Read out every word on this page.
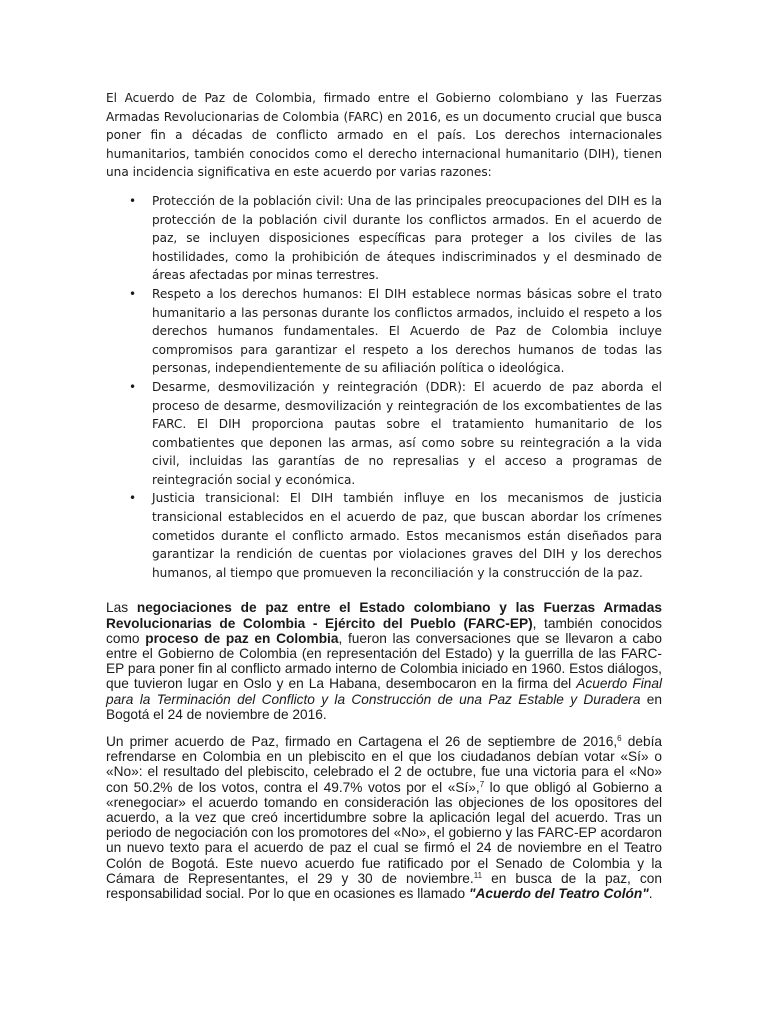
El Acuerdo de Paz de Colombia, firmado entre el Gobierno colombiano y las Fuerzas Armadas Revolucionarias de Colombia (FARC) en 2016, es un documento crucial que busca poner fin a décadas de conflicto armado en el país. Los derechos internacionales humanitarios, también conocidos como el derecho internacional humanitario (DIH), tienen una incidencia significativa en este acuerdo por varias razones:

• Protección de la población civil: Una de las principales preocupaciones del DIH es la protección de la población civil durante los conflictos armados. En el acuerdo de paz, se incluyen disposiciones específicas para proteger a los civiles de las hostilidades, como la prohibición de áteques indiscriminados y el desminado de áreas afectadas por minas terrestres.
• Respeto a los derechos humanos: El DIH establece normas básicas sobre el trato humanitario a las personas durante los conflictos armados, incluido el respeto a los derechos humanos fundamentales. El Acuerdo de Paz de Colombia incluye compromisos para garantizar el respeto a los derechos humanos de todas las personas, independientemente de su afiliación política o ideológica.
• Desarme, desmovilización y reintegración (DDR): El acuerdo de paz aborda el proceso de desarme, desmovilización y reintegración de los excombatientes de las FARC. El DIH proporciona pautas sobre el tratamiento humanitario de los combatientes que deponen las armas, así como sobre su reintegración a la vida civil, incluidas las garantías de no represalias y el acceso a programas de reintegración social y económica.
• Justicia transicional: El DIH también influye en los mecanismos de justicia transicional establecidos en el acuerdo de paz, que buscan abordar los crímenes cometidos durante el conflicto armado. Estos mecanismos están diseñados para garantizar la rendición de cuentas por violaciones graves del DIH y los derechos humanos, al tiempo que promueven la reconciliación y la construcción de la paz.

Las negociaciones de paz entre el Estado colombiano y las Fuerzas Armadas Revolucionarias de Colombia - Ejército del Pueblo (FARC-EP), también conocidos como proceso de paz en Colombia, fueron las conversaciones que se llevaron a cabo entre el Gobierno de Colombia (en representación del Estado) y la guerrilla de las FARC-EP para poner fin al conflicto armado interno de Colombia iniciado en 1960. Estos diálogos, que tuvieron lugar en Oslo y en La Habana, desembocaron en la firma del Acuerdo Final para la Terminación del Conflicto y la Construcción de una Paz Estable y Duradera en Bogotá el 24 de noviembre de 2016.

Un primer acuerdo de Paz, firmado en Cartagena el 26 de septiembre de 2016,$^6$ debía refrendarse en Colombia en un plebiscito en el que los ciudadanos debían votar «Sí» o «No»: el resultado del plebiscito, celebrado el 2 de octubre, fue una victoria para el «No» con 50.2% de los votos, contra el 49.7% votos por el «Sí»,$^7$ lo que obligó al Gobierno a «renegociar» el acuerdo tomando en consideración las objeciones de los opositores del acuerdo, a la vez que creó incertidumbre sobre la aplicación legal del acuerdo. Tras un periodo de negociación con los promotores del «No», el gobierno y las FARC-EP acordaron un nuevo texto para el acuerdo de paz el cual se firmó el 24 de noviembre en el Teatro Colón de Bogotá. Este nuevo acuerdo fue ratificado por el Senado de Colombia y la Cámara de Representantes, el 29 y 30 de noviembre.$^{11}$ en busca de la paz, con responsabilidad social. Por lo que en ocasiones es llamado "Acuerdo del Teatro Colón".
